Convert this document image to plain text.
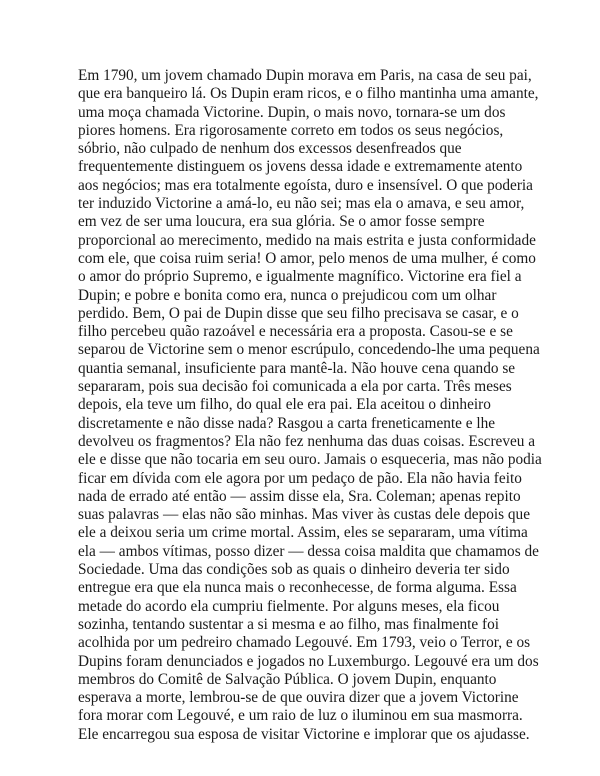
Em 1790, um jovem chamado Dupin morava em Paris, na casa de seu pai,
que era banqueiro lá. Os Dupin eram ricos, e o filho mantinha uma amante,
uma moça chamada Victorine. Dupin, o mais novo, tornara-se um dos
piores homens. Era rigorosamente correto em todos os seus negócios,
sóbrio, não culpado de nenhum dos excessos desenfreados que
frequentemente distinguem os jovens dessa idade e extremamente atento
aos negócios; mas era totalmente egoísta, duro e insensível. O que poderia
ter induzido Victorine a amá-lo, eu não sei; mas ela o amava, e seu amor,
em vez de ser uma loucura, era sua glória. Se o amor fosse sempre
proporcional ao merecimento, medido na mais estrita e justa conformidade
com ele, que coisa ruim seria! O amor, pelo menos de uma mulher, é como
o amor do próprio Supremo, e igualmente magnífico. Victorine era fiel a
Dupin; e pobre e bonita como era, nunca o prejudicou com um olhar
perdido. Bem, O pai de Dupin disse que seu filho precisava se casar, e o
filho percebeu quão razoável e necessária era a proposta. Casou-se e se
separou de Victorine sem o menor escrúpulo, concedendo-lhe uma pequena
quantia semanal, insuficiente para mantê-la. Não houve cena quando se
separaram, pois sua decisão foi comunicada a ela por carta. Três meses
depois, ela teve um filho, do qual ele era pai. Ela aceitou o dinheiro
discretamente e não disse nada? Rasgou a carta freneticamente e lhe
devolveu os fragmentos? Ela não fez nenhuma das duas coisas. Escreveu a
ele e disse que não tocaria em seu ouro. Jamais o esqueceria, mas não podia
ficar em dívida com ele agora por um pedaço de pão. Ela não havia feito
nada de errado até então — assim disse ela, Sra. Coleman; apenas repito
suas palavras — elas não são minhas. Mas viver às custas dele depois que
ele a deixou seria um crime mortal. Assim, eles se separaram, uma vítima
ela — ambos vítimas, posso dizer — dessa coisa maldita que chamamos de
Sociedade. Uma das condições sob as quais o dinheiro deveria ter sido
entregue era que ela nunca mais o reconhecesse, de forma alguma. Essa
metade do acordo ela cumpriu fielmente. Por alguns meses, ela ficou
sozinha, tentando sustentar a si mesma e ao filho, mas finalmente foi
acolhida por um pedreiro chamado Legouvé. Em 1793, veio o Terror, e os
Dupins foram denunciados e jogados no Luxemburgo. Legouvé era um dos
membros do Comitê de Salvação Pública. O jovem Dupin, enquanto
esperava a morte, lembrou-se de que ouvira dizer que a jovem Victorine
fora morar com Legouvé, e um raio de luz o iluminou em sua masmorra.
Ele encarregou sua esposa de visitar Victorine e implorar que os ajudasse.
